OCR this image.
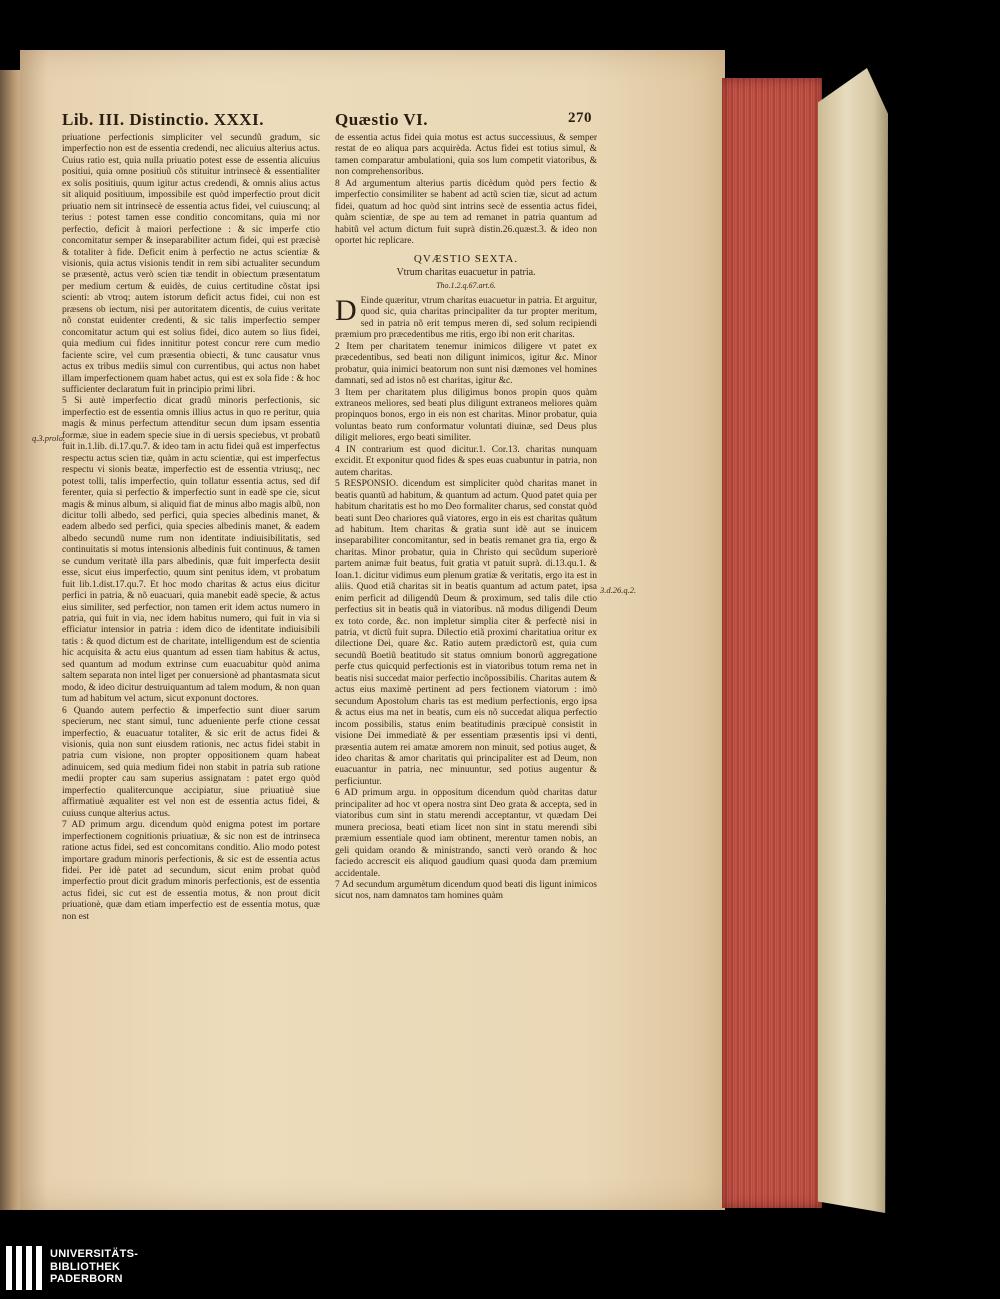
Lib. III. Distinctio. XXXI.	Quæstio VI.	270

priuatione perfectionis simpliciter vel secundũ gradum, sic imperfectio non est de essentia credendi, nec alicuius alterius actus. Cuius ratio est, quia nulla priuatio potest esse de essentia alicuius positiui, quia omne positiuũ cõs stituitur intrinsecè & essentialiter ex solis positiuis, quum igitur actus credendi, & omnis alius actus sit aliquid positiuum, impossibile est quòd imperfectio prout dicit priuatio nem sit intrinsecè de essentia actus fidei, vel cuiuscunq; al terius : potest tamen esse conditio concomitans, quia mi nor perfectio, deficit à maiori perfectione : & sic imperfe ctio concomitatur semper & inseparabiliter actum fidei, qui est præcisè & totaliter à fide. Deficit enim à perfectio ne actus scientiæ & visionis, quia actus visionis tendit in rem sibi actualiter secundum se præsentè, actus verò scien tiæ tendit in obiectum præsentatum per medium certum & euidès, de cuius certitudine cõstat ipsi scienti: ab vtroq; autem istorum deficit actus fidei, cui non est præsens ob iectum, nisi per autoritatem dicentis, de cuius veritate nõ constat euidenter credenti, & sic talis imperfectio semper concomitatur actum qui est solius fidei, dico autem so lius fidei, quia medium cui fides innititur potest concur rere cum medio faciente scire, vel cum præsentia obiecti, & tunc causatur vnus actus ex tribus mediis simul con currentibus, qui actus non habet illam imperfectionem quam habet actus, qui est ex sola fide : & hoc sufficienter declaratum fuit in principio primi libri.

5 Si autè imperfectio dicat gradũ minoris perfectionis, sic imperfectio est de essentia omnis illius actus in quo re peritur, quia magis & minus perfectum attenditur secun dum ipsam essentia formæ, siue in eadem specie siue in di uersis speciebus, vt probatũ fuit in.1.lib. di.17.qu.7. & ideo tam in actu fidei quã est imperfectus respectu actus scien tiæ, quàm in actu scientiæ, qui est imperfectus respectu vi sionis beatæ, imperfectio est de essentia vtriusq;, nec potest tolli, talis imperfectio, quin tollatur essentia actus, sed dif ferenter, quia si perfectio & imperfectio sunt in eadè spe cie, sicut magis & minus album, si aliquid fiat de minus albo magis albũ, non dicitur tolli albedo, sed perfici, quia species albedinis manet, & eadem albedo sed perfici, quia species albedinis manet, & eadem albedo secundũ nume rum non identitate indiuisibilitatis, sed continuitatis si motus intensionis albedinis fuit continuus, & tamen se cundum veritatè illa pars albedinis, quæ fuit imperfecta desiit esse, sicut eius imperfectio, quum sint penitus idem, vt probatum fuit lib.1.dist.17.qu.7. Et hoc modo charitas & actus eius dicitur perfici in patria, & nõ euacuari, quia manebit eadè specie, & actus eius similiter, sed perfectior, non tamen erit idem actus numero in patria, qui fuit in via, nec idem habitus numero, qui fuit in via si efficiatur intensior in patria : idem dico de identitate indiuisibili tatis : & quod dictum est de charitate, intelligendum est de scientia hic acquisita & actu eius quantum ad essen tiam habitus & actus, sed quantum ad modum extrinse cum euacuabitur quòd anima saltem separata non intel liget per conuersionè ad phantasmata sicut modo, & ideo dicitur destruiquantum ad talem modum, & non quan tum ad habitum vel actum, sicut exponunt doctores.

6 Quando autem perfectio & imperfectio sunt diuer sarum specierum, nec stant simul, tunc adueniente perfe ctione cessat imperfectio, & euacuatur totaliter, & sic erit de actus fidei & visionis, quia non sunt eiusdem rationis, nec actus fidei stabit in patria cum visione, non propter oppositionem quam habeat adinuicem, sed quia medium fidei non stabit in patria sub ratione medii propter cau sam superius assignatam : patet ergo quòd imperfectio qualitercunque accipiatur, siue priuatiuè siue affirmatiuè æqualiter est vel non est de essentia actus fidei, & cuiuss cunque alterius actus.

7 AD primum argu. dicendum quòd enigma potest im portare imperfectionem cognitionis priuatiuæ, & sic non est de intrinseca ratione actus fidei, sed est concomitans conditio. Alio modo potest importare gradum minoris perfectionis, & sic est de essentia actus fidei. Per idè patet ad secundum, sicut enim probat quòd imperfectio prout dicit gradum minoris perfectionis, est de essentia actus fidei, sic cut est de essentia motus, & non prout dicit priuationè, quæ dam etiam imperfectio est de essentia motus, quæ non est

de essentia actus fidei quia motus est actus successiuus, & semper restat de eo aliqua pars acquirèda. Actus fidei est totius simul, & tamen comparatur ambulationi, quia sos lum competit viatoribus, & non comprehensoribus.

8 Ad argumentum alterius partis dicèdum quòd pers fectio & imperfectio consimiliter se habent ad actũ scien tiæ, sicut ad actum fidei, quatum ad hoc quòd sint intrins secè de essentia actus fidei, quàm scientiæ, de spe au tem ad remanet in patria quantum ad habitũ vel actum dictum fuit suprà distin.26.quæst.3. & ideo non oportet hic replicare.

QVÆSTIO SEXTA.

Vtrum charitas euacuetur in patria.

Tho.1.2.q.67.art.6.

D Einde quæritur, vtrum charitas euacuetur in patria. Et arguitur, quod sic, quia charitas principaliter da tur propter meritum, sed in patria nõ erit tempus meren di, sed solum recipiendi præmium pro præcedentibus me ritis, ergo ibi non erit charitas.

2 Item per charitatem tenemur inimicos diligere vt patet ex præcedentibus, sed beati non diligunt inimicos, igitur &c. Minor probatur, quia inimici beatorum non sunt nisi dæmones vel homines damnati, sed ad istos nõ est charitas, igitur &c.

3 Item per charitatem plus diligimus bonos propin quos quàm extraneos meliores, sed beati plus diligunt extraneos meliores quàm propinquos bonos, ergo in eis non est charitas. Minor probatur, quia voluntas beato rum conformatur voluntati diuinæ, sed Deus plus diligit meliores, ergo beati similiter.

4 IN contrarium est quod dicitur.1. Cor.13. charitas nunquam excidit. Et exponitur quod fides & spes euas cuabuntur in patria, non autem charitas.

5 RESPONSIO. dicendum est simpliciter quòd charitas manet in beatis quantũ ad habitum, & quantum ad actum. Quod patet quia per habitum charitatis est ho mo Deo formaliter charus, sed constat quòd beati sunt Deo chariores quã viatores, ergo in eis est charitas quãtum ad habitum. Item charitas & gratia sunt idè aut se inuicem inseparabiliter concomitantur, sed in beatis remanet gra tia, ergo & charitas. Minor probatur, quia in Christo qui secũdum superiorè partem animæ fuit beatus, fuit gratia vt patuit suprà. di.13.qu.1. & Ioan.1. dicitur vidimus eum plenum gratiæ & veritatis, ergo ita est in aliis. Quod etiã charitas sit in beatis quantum ad actum patet, ipsa enim perficit ad diligendũ Deum & proximum, sed talis dile ctio perfectius sit in beatis quã in viatoribus. nã modus diligendi Deum ex toto corde, &c. non impletur simplia citer & perfectè nisi in patria, vt dictũ fuit supra. Dilectio etiã proximi charitatiua oritur ex dilectione Dei, quare &c. Ratio autem prædictorũ est, quia cum secundũ Boetiũ beatitudo sit status omnium bonorũ aggregatione perfe ctus quicquid perfectionis est in viatoribus totum rema net in beatis nisi succedat maior perfectio incõpossibilis. Charitas autem & actus eius maximè pertinent ad pers fectionem viatorum : imò secundum Apostolum charis tas est medium perfectionis, ergo ipsa & actus eius ma net in beatis, cum eis nõ succedat aliqua perfectio incom possibilis, status enim beatitudinis præcipuè consistit in visione Dei immediatè & per essentiam præsentis ipsi vi denti, præsentia autem rei amatæ amorem non minuit, sed potius auget, & ideo charitas & amor charitatis qui principaliter est ad Deum, non euacuantur in patria, nec minuuntur, sed potius augentur & perficiuntur.

6 AD primum argu. in oppositum dicendum quòd charitas datur principaliter ad hoc vt opera nostra sint Deo grata & accepta, sed in viatoribus cum sint in statu merendi acceptantur, vt quædam Dei munera preciosa, beati etiam licet non sint in statu merendi sibi præmium essentiale quod iam obtinent, merentur tamen nobis, an geli quidam orando & ministrando, sancti verò orando & hoc faciedo accrescit eis aliquod gaudium quasi quoda dam præmium accidentale.

7 Ad secundum argumètum dicendum quod beati dis ligunt inimicos sicut nos, nam damnatos tam homines quàm

q.3.prolo.
3.d.26.q.2.
UNIVERSITÄTS-
BIBLIOTHEK
PADERBORN
